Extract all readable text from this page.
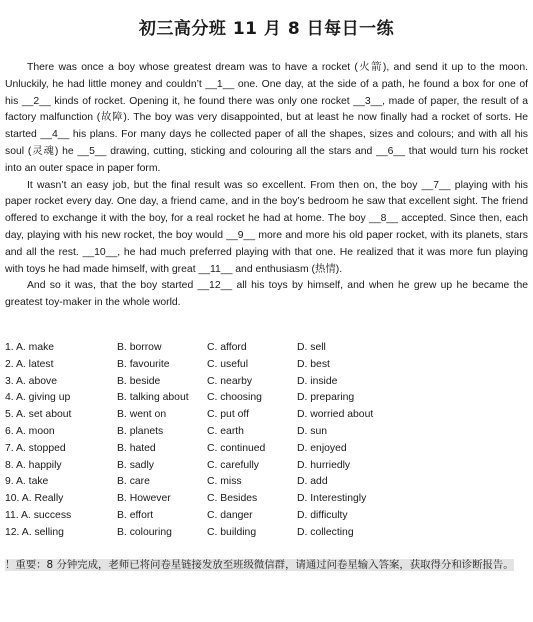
初三高分班 11 月 8 日每日一练

There was once a boy whose greatest dream was to have a rocket (火箭), and send it up to the moon. Unluckily, he had little money and couldn’t __1__ one. One day, at the side of a path, he found a box for one of his __2__ kinds of rocket. Opening it, he found there was only one rocket __3__, made of paper, the result of a factory malfunction (故障). The boy was very disappointed, but at least he now finally had a rocket of sorts. He started __4__ his plans. For many days he collected paper of all the shapes, sizes and colours; and with all his soul (灵魂) he __5__ drawing, cutting, sticking and colouring all the stars and __6__ that would turn his rocket into an outer space in paper form.

It wasn’t an easy job, but the final result was so excellent. From then on, the boy __7__ playing with his paper rocket every day. One day, a friend came, and in the boy’s bedroom he saw that excellent sight. The friend offered to exchange it with the boy, for a real rocket he had at home. The boy __8__ accepted. Since then, each day, playing with his new rocket, the boy would __9__ more and more his old paper rocket, with its planets, stars and all the rest. __10__, he had much preferred playing with that one. He realized that it was more fun playing with toys he had made himself, with great __11__ and enthusiasm (热情).

And so it was, that the boy started __12__ all his toys by himself, and when he grew up he became the greatest toy-maker in the whole world.

1. A. make	B. borrow	C. afford	D. sell
2. A. latest	B. favourite	C. useful	D. best
3. A. above	B. beside	C. nearby	D. inside
4. A. giving up	B. talking about	C. choosing	D. preparing
5. A. set about	B. went on	C. put off	D. worried about
6. A. moon	B. planets	C. earth	D. sun
7. A. stopped	B. hated	C. continued	D. enjoyed
8. A. happily	B. sadly	C. carefully	D. hurriedly
9. A. take	B. care	C. miss	D. add
10. A. Really	B. However	C. Besides	D. Interestingly
11. A. success	B. effort	C. danger	D. difficulty
12. A. selling	B. colouring	C. building	D. collecting
！重要：8 分钟完成，老师已将问卷星链接发放至班级微信群，请通过问卷星输入答案，获取得分和诊断报告。
